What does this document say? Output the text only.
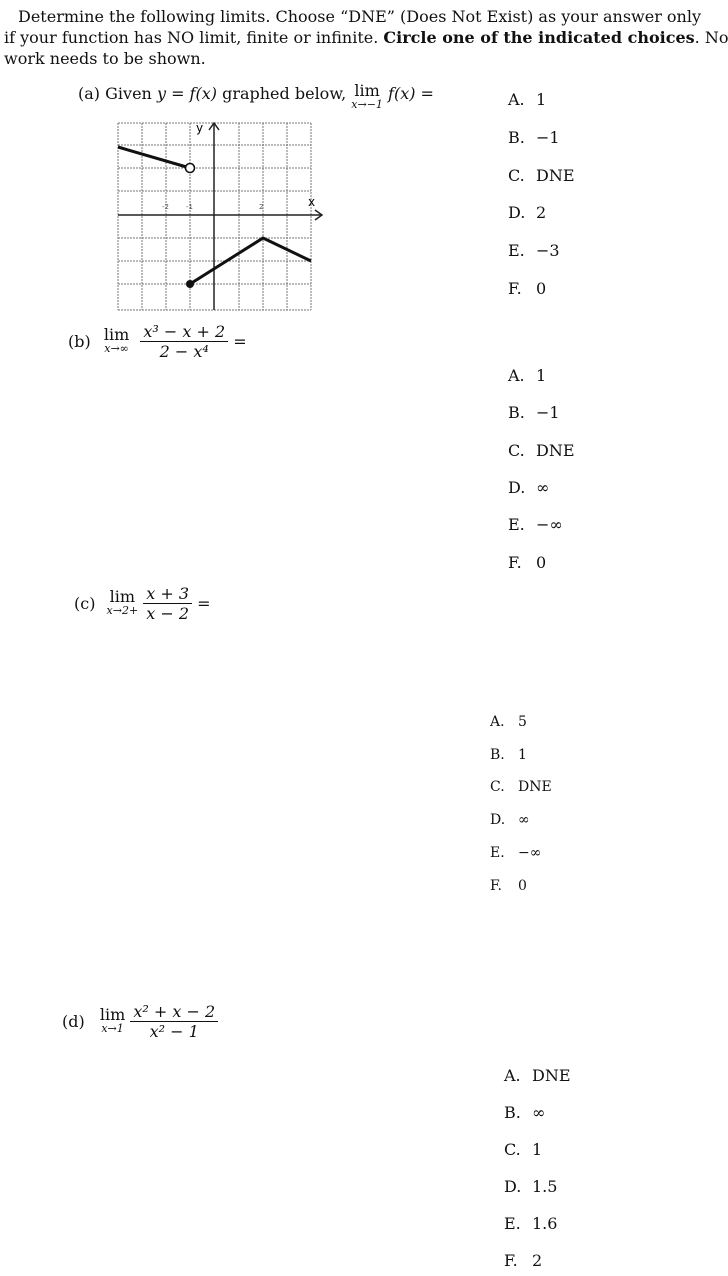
Determine the following limits. Choose “DNE” (Does Not Exist) as your answer only
if your function has NO limit, finite or infinite. Circle one of the indicated choices. No
work needs to be shown.
(a) Given y = f(x) graphed below, lim
x→−1
f(x) =
x
y
-2 -1	2
A. 1
B. −1
C. DNE
D. 2
E. −3
F. 0
(b) lim
x→∞
$\frac{\text{x³ − x + 2}}{\text{2 − x⁴}}$ =
A. 1
B. −1
C. DNE
D. ∞
E. −∞
F. 0
(c) lim
x→2+
$\frac{x + 3}{x - 2}$ =
A. 5
B. 1
C. DNE
D. ∞
E. −∞
F. 0
(d) lim
x→1
$\frac{\text{x² + x − 2}}{\text{x² − 1}}$
A. DNE
B. ∞
C. 1
D. 1.5
E. 1.6
F. 2
